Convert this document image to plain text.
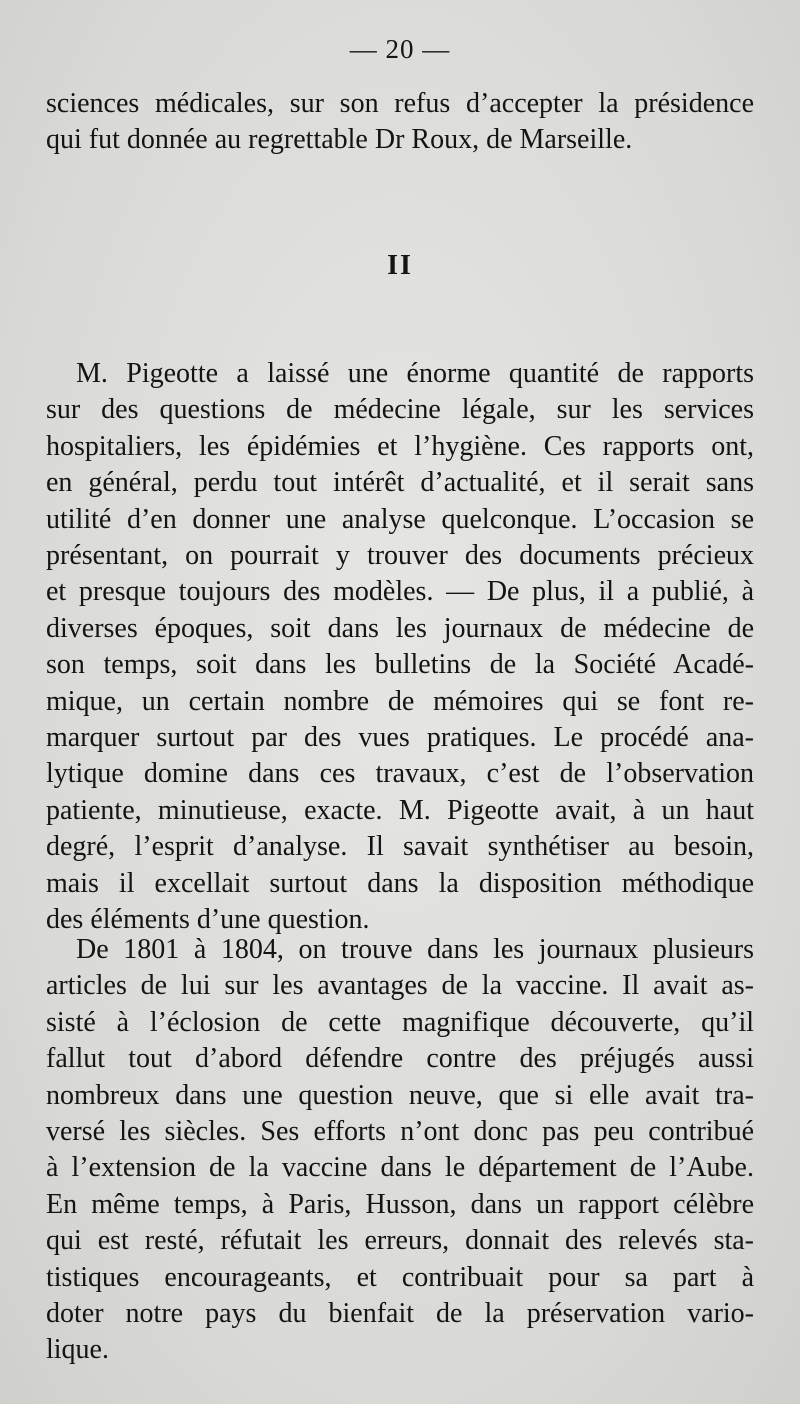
— 20 —
sciences médicales, sur son refus d’accepter la présidence
qui fut donnée au regrettable Dr Roux, de Marseille.
II
M. Pigeotte a laissé une énorme quantité de rapports
sur des questions de médecine légale, sur les services
hospitaliers, les épidémies et l’hygiène. Ces rapports ont,
en général, perdu tout intérêt d’actualité, et il serait sans
utilité d’en donner une analyse quelconque. L’occasion se
présentant, on pourrait y trouver des documents précieux
et presque toujours des modèles. — De plus, il a publié, à
diverses époques, soit dans les journaux de médecine de
son temps, soit dans les bulletins de la Société Acadé-
mique, un certain nombre de mémoires qui se font re-
marquer surtout par des vues pratiques. Le procédé ana-
lytique domine dans ces travaux, c’est de l’observation
patiente, minutieuse, exacte. M. Pigeotte avait, à un haut
degré, l’esprit d’analyse. Il savait synthétiser au besoin,
mais il excellait surtout dans la disposition méthodique
des éléments d’une question.
De 1801 à 1804, on trouve dans les journaux plusieurs
articles de lui sur les avantages de la vaccine. Il avait as-
sisté à l’éclosion de cette magnifique découverte, qu’il
fallut tout d’abord défendre contre des préjugés aussi
nombreux dans une question neuve, que si elle avait tra-
versé les siècles. Ses efforts n’ont donc pas peu contribué
à l’extension de la vaccine dans le département de l’Aube.
En même temps, à Paris, Husson, dans un rapport célèbre
qui est resté, réfutait les erreurs, donnait des relevés sta-
tistiques encourageants, et contribuait pour sa part à
doter notre pays du bienfait de la préservation vario-
lique.
